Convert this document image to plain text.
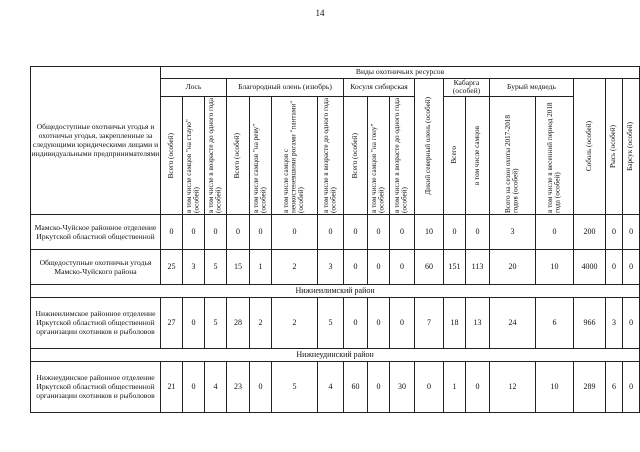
14
Общедоступные охотничьи угодья и охотничьи угодья, закрепленные за следующими юридическими лицами и индивидуальными предпринимателями	Виды охотничьих ресурсов																	
	Лось			Благородный олень (изюбрь)				Косуля сибирская			Дикий северный олень (особей)	Кабарга (особей)		Бурый медведь		Соболь (особей)	Рысь (особей)	Барсук (особей)

	Всего (особей)	в том числе самцов "на стаую" (особей)	в том числе в возрасте до одного года (особей)	Всего (особей)	в том числе самцов "на реву" (особей)	в том числе самцов с неокостеневшими рогами "пантами" (особей)	в том числе в возрасте до одного года (особей)	Всего (особей)	в том числе самцов "на гону" (особей)	в том числе в возрасте до одного года (особей)		Всего	в том числе самцов	Всего на сезон охоты 2017-2018 годов (особей)	в том числе в весенний период 2018 года (особей)			

Мамско-Чуйское районное отделение Иркутской областной общественной	0	0	0	0	0	0	0	0	0	0	10	0	0	3	0	200	0	0
Общедоступные охотничьи угодья Мамско-Чуйского района	25	3	5	15	1	2	3	0	0	0	60	151	113	20	10	4000	0	0
Нижнеилимский район																		
Нижнеилимское районное отделение Иркутской областной общественной организации охотников и рыболовов	27	0	5	28	2	2	5	0	0	0	7	18	13	24	6	966	3	0
Нижнеудинский район																		
Нижнеудинское районное отделение Иркутской областной общественной организации охотников и рыболовов	21	0	4	23	0	5	4	60	0	30	0	1	0	12	10	289	6	0
